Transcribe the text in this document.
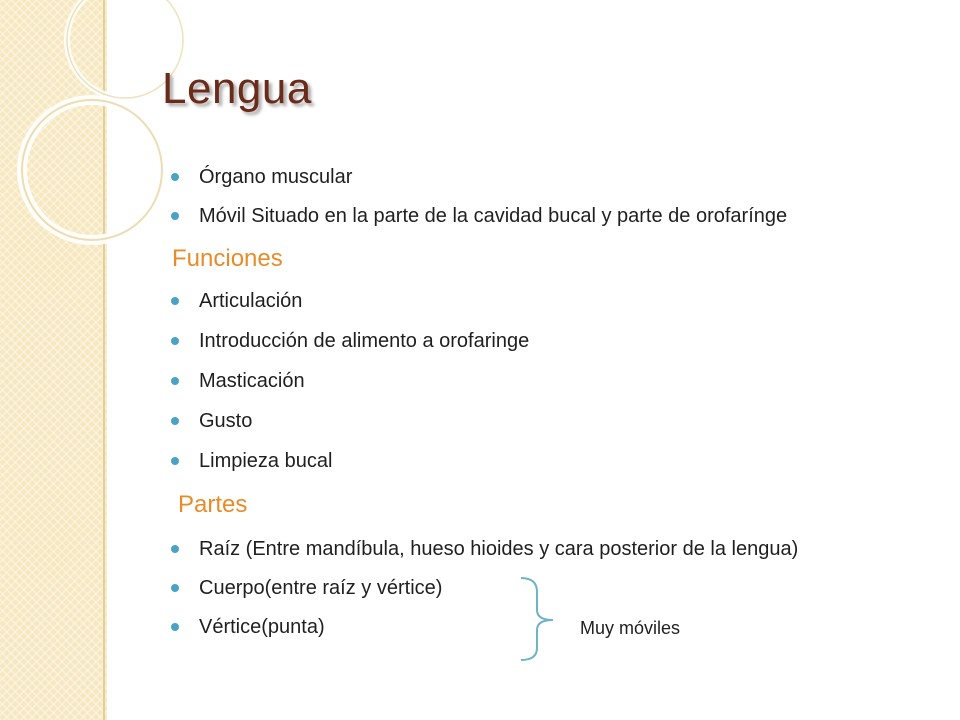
Lengua
Órgano muscular
Móvil Situado en la parte de la cavidad bucal y parte de orofarínge
Funciones
Articulación
Introducción de alimento a orofaringe
Masticación
Gusto
Limpieza bucal
Partes
Raíz (Entre mandíbula, hueso hioides y cara posterior de la lengua)
Cuerpo(entre raíz y vértice)
Vértice(punta)	Muy móviles
